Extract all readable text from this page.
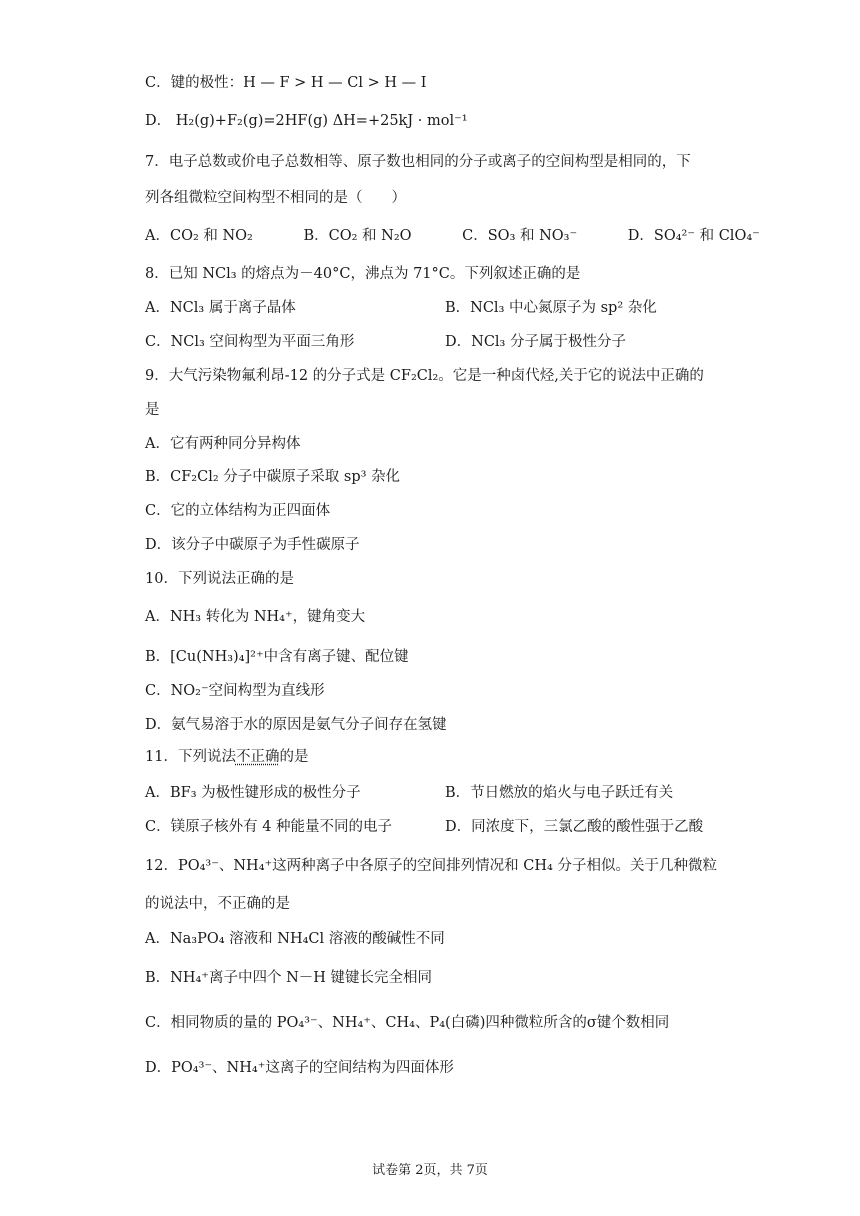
C．键的极性：H — F > H — Cl > H — I
D． H₂(g)+F₂(g)=2HF(g) ΔH=+25kJ · mol⁻¹
7．电子总数或价电子总数相等、原子数也相同的分子或离子的空间构型是相同的，下
列各组微粒空间构型不相同的是（　　）
A．CO₂ 和 NO₂	B．CO₂ 和 N₂O	C．SO₃ 和 NO₃⁻	D．SO₄²⁻ 和 ClO₄⁻
8．已知 NCl₃ 的熔点为－40°C，沸点为 71°C。下列叙述正确的是
A．NCl₃ 属于离子晶体	B．NCl₃ 中心氮原子为 sp² 杂化
C．NCl₃ 空间构型为平面三角形	D．NCl₃ 分子属于极性分子
9．大气污染物氟利昂-12 的分子式是 CF₂Cl₂。它是一种卤代烃,关于它的说法中正确的
是
A．它有两种同分异构体
B．CF₂Cl₂ 分子中碳原子采取 sp³ 杂化
C．它的立体结构为正四面体
D．该分子中碳原子为手性碳原子
10．下列说法正确的是
A．NH₃ 转化为 NH₄⁺，键角变大
B．[Cu(NH₃)₄]²⁺中含有离子键、配位键
C．NO₂⁻空间构型为直线形
D．氨气易溶于水的原因是氨气分子间存在氢键
11．下列说法不正确的是
A．BF₃ 为极性键形成的极性分子	B．节日燃放的焰火与电子跃迁有关
C．镁原子核外有 4 种能量不同的电子	D．同浓度下，三氯乙酸的酸性强于乙酸
12．PO₄³⁻、NH₄⁺这两种离子中各原子的空间排列情况和 CH₄ 分子相似。关于几种微粒
的说法中，不正确的是
A．Na₃PO₄ 溶液和 NH₄Cl 溶液的酸碱性不同
B．NH₄⁺离子中四个 N－H 键键长完全相同
C．相同物质的量的 PO₄³⁻、NH₄⁺、CH₄、P₄(白磷)四种微粒所含的σ键个数相同
D．PO₄³⁻、NH₄⁺这离子的空间结构为四面体形
试卷第 2页，共 7页
